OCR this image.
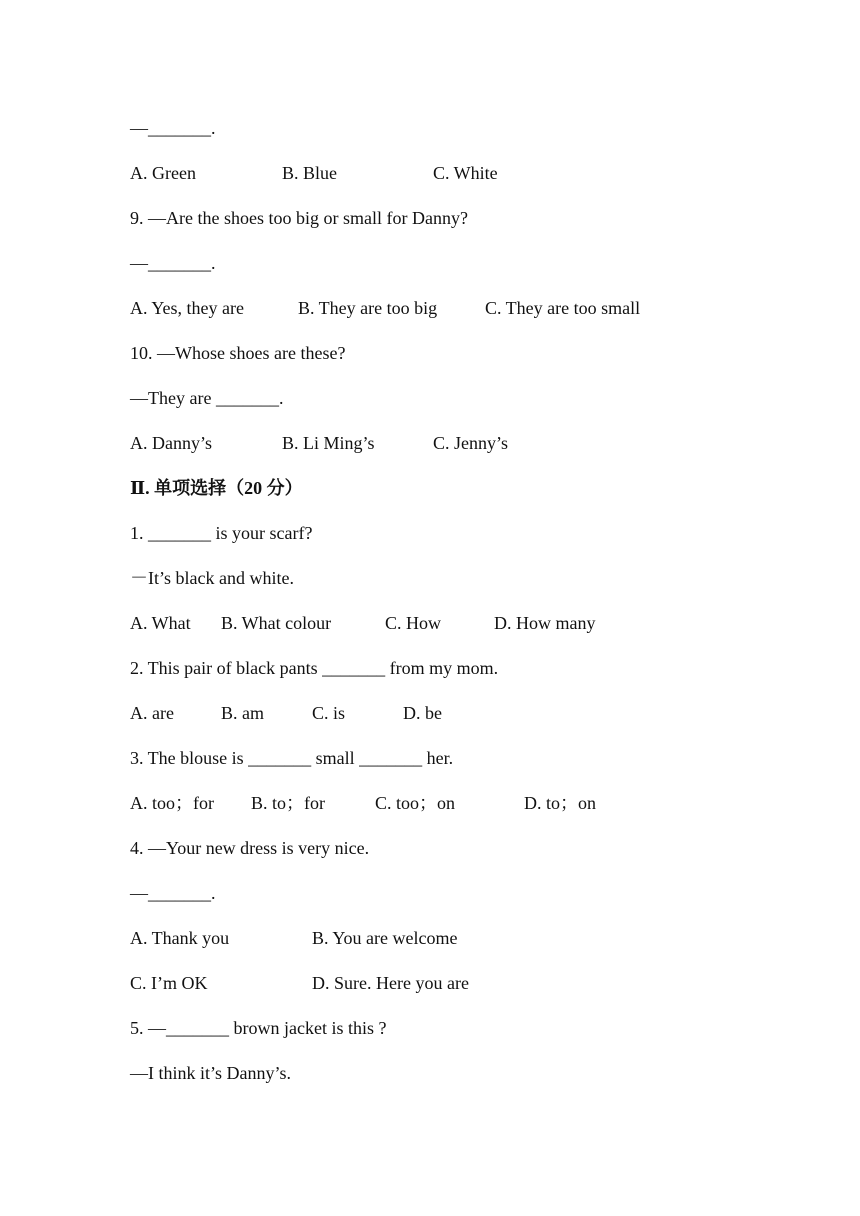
—_______.
A. Green	B. Blue	C. White
9. —Are the shoes too big or small for Danny?
—_______.
A. Yes, they are	B. They are too big	C. They are too small
10. —Whose shoes are these?
—They are _______.
A. Danny’s	B. Li Ming’s	C. Jenny’s
Ⅱ. 单项选择（20 分）
1. _______ is your scarf?
－It’s black and white.
A. What B. What colour	C. How	D. How many
2. This pair of black pants _______ from my mom.
A. are	B. am	C. is	D. be
3. The blouse is _______ small _______ her.
A. too；for B. to；for	C. too；on	D. to；on
4. —Your new dress is very nice.
—_______.
A. Thank you	B. You are welcome
C. I’m OK	D. Sure. Here you are
5. —_______ brown jacket is this ?
—I think it’s Danny’s.
